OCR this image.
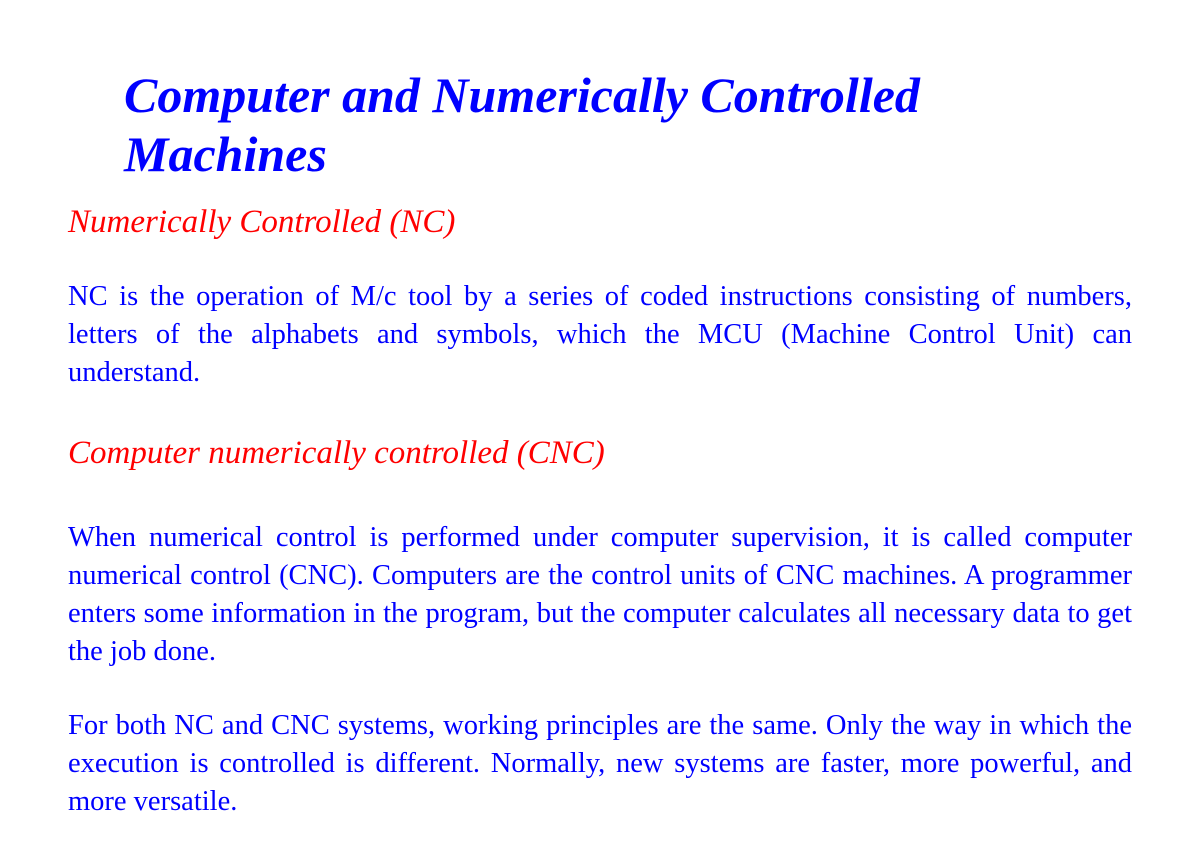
Computer and Numerically Controlled Machines
Numerically Controlled (NC)

NC is the operation of M/c tool by a series of coded instructions consisting of numbers, letters of the alphabets and symbols, which the MCU (Machine Control Unit) can understand.

Computer numerically controlled (CNC)

When numerical control is performed under computer supervision, it is called computer numerical control (CNC). Computers are the control units of CNC machines. A programmer enters some information in the program, but the computer calculates all necessary data to get the job done.

For both NC and CNC systems, working principles are the same. Only the way in which the execution is controlled is different. Normally, new systems are faster, more powerful, and more versatile.
